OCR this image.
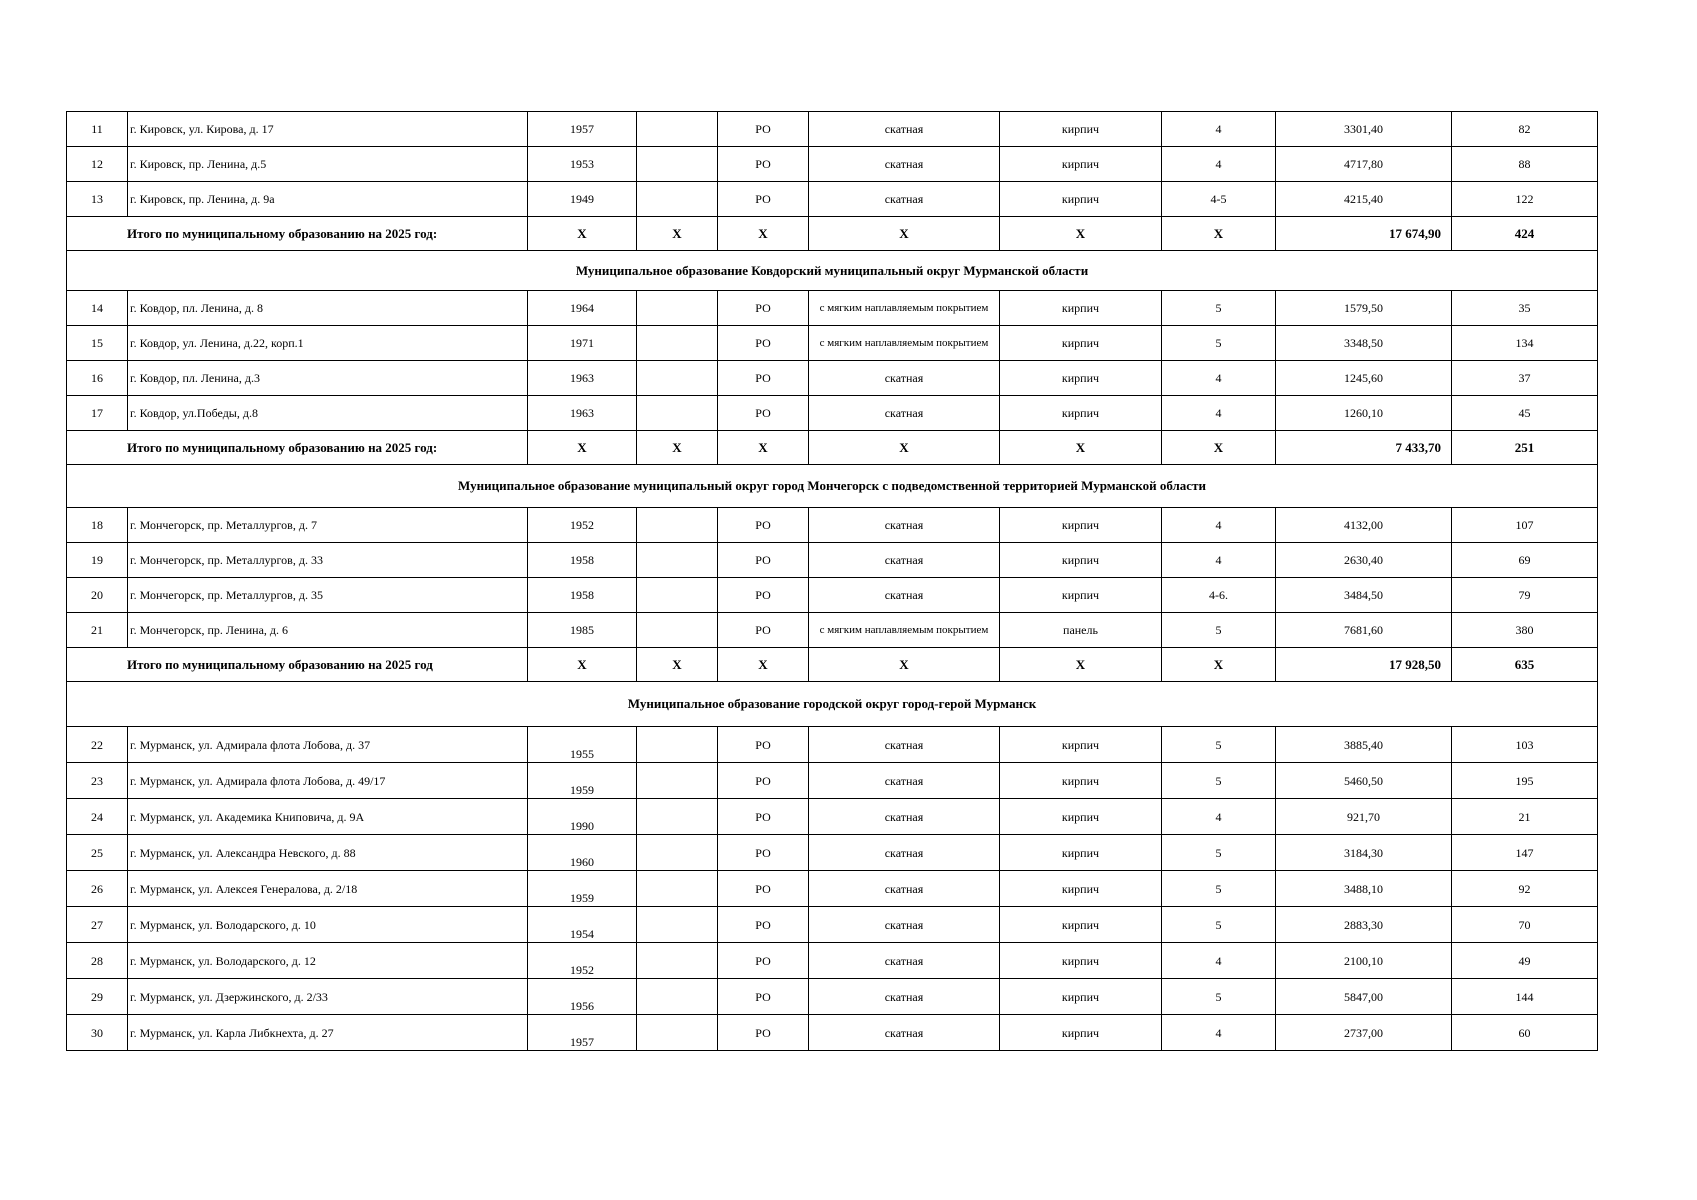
11	г. Кировск, ул. Кирова, д. 17	1957		РО	скатная	кирпич	4	3301,40	82
12	г. Кировск, пр. Ленина, д.5	1953		РО	скатная	кирпич	4	4717,80	88
13	г. Кировск, пр. Ленина, д. 9а	1949		РО	скатная	кирпич	4-5	4215,40	122
Итого по муниципальному образованию на 2025 год:		X	X	X	X	X	X	17 674,90	424
Муниципальное образование Ковдорский муниципальный округ Мурманской области									
14	г. Ковдор, пл. Ленина, д. 8	1964		РО	с мягким наплавляемым покрытием	кирпич	5	1579,50	35
15	г. Ковдор, ул. Ленина, д.22, корп.1	1971		РО	с мягким наплавляемым покрытием	кирпич	5	3348,50	134
16	г. Ковдор, пл. Ленина, д.3	1963		РО	скатная	кирпич	4	1245,60	37
17	г. Ковдор, ул.Победы, д.8	1963		РО	скатная	кирпич	4	1260,10	45
Итого по муниципальному образованию на 2025 год:		X	X	X	X	X	X	7 433,70	251
Муниципальное образование муниципальный округ город Мончегорск с подведомственной территорией Мурманской области									
18	г. Мончегорск, пр. Металлургов, д. 7	1952		РО	скатная	кирпич	4	4132,00	107
19	г. Мончегорск, пр. Металлургов, д. 33	1958		РО	скатная	кирпич	4	2630,40	69
20	г. Мончегорск, пр. Металлургов, д. 35	1958		РО	скатная	кирпич	4-6.	3484,50	79
21	г. Мончегорск, пр. Ленина, д. 6	1985		РО	с мягким наплавляемым покрытием	панель	5	7681,60	380
Итого по муниципальному образованию на 2025 год		X	X	X	X	X	X	17 928,50	635
Муниципальное образование городской округ город-герой Мурманск									
22	г. Мурманск, ул. Адмирала флота Лобова, д. 37	1955		РО	скатная	кирпич	5	3885,40	103
23	г. Мурманск, ул. Адмирала флота Лобова, д. 49/17	1959		РО	скатная	кирпич	5	5460,50	195
24	г. Мурманск, ул. Академика Книповича, д. 9А	1990		РО	скатная	кирпич	4	921,70	21
25	г. Мурманск, ул. Александра Невского, д. 88	1960		РО	скатная	кирпич	5	3184,30	147
26	г. Мурманск, ул. Алексея Генералова, д. 2/18	1959		РО	скатная	кирпич	5	3488,10	92
27	г. Мурманск, ул. Володарского, д. 10	1954		РО	скатная	кирпич	5	2883,30	70
28	г. Мурманск, ул. Володарского, д. 12	1952		РО	скатная	кирпич	4	2100,10	49
29	г. Мурманск, ул. Дзержинского, д. 2/33	1956		РО	скатная	кирпич	5	5847,00	144
30	г. Мурманск, ул. Карла Либкнехта, д. 27	1957		РО	скатная	кирпич	4	2737,00	60
